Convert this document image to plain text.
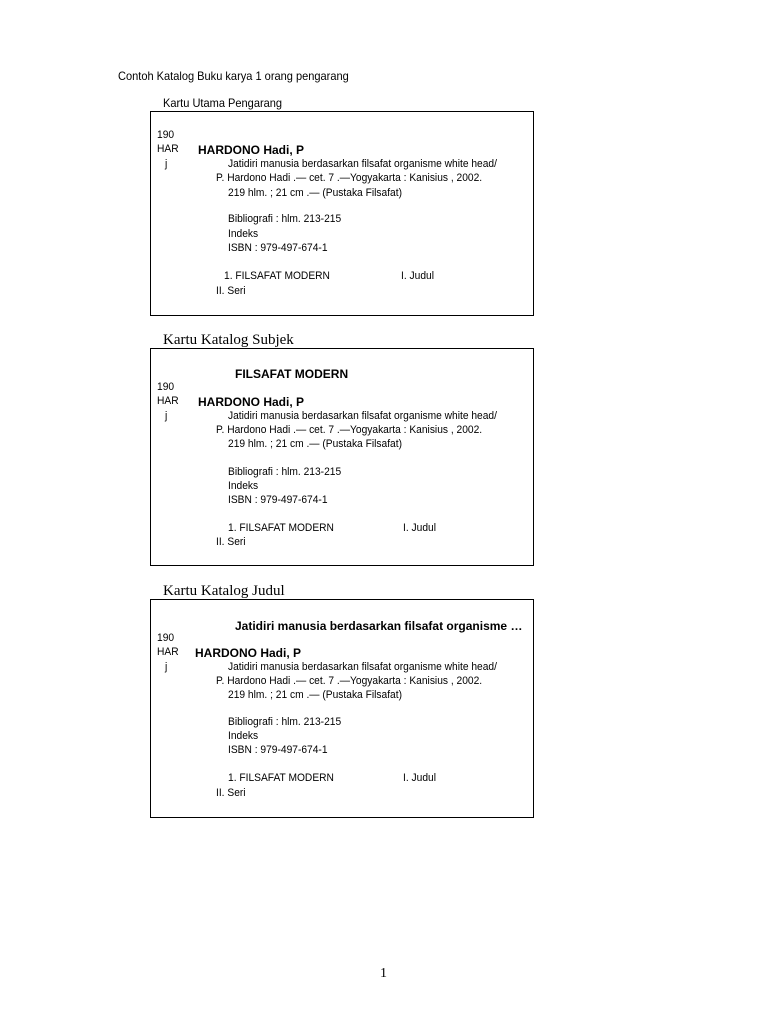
Contoh Katalog Buku karya 1 orang pengarang
Kartu Utama Pengarang
190
HAR
j
HARDONO Hadi, P
Jatidiri manusia berdasarkan filsafat organisme white head/
P. Hardono Hadi .— cet. 7 .—Yogyakarta : Kanisius , 2002.
219 hlm. ; 21 cm .— (Pustaka Filsafat)
Bibliografi : hlm. 213-215
Indeks
ISBN : 979-497-674-1
1. FILSAFAT MODERN	I. Judul
II. Seri
Kartu Katalog Subjek
FILSAFAT MODERN
190
HAR
j
HARDONO Hadi, P
Jatidiri manusia berdasarkan filsafat organisme white head/
P. Hardono Hadi .— cet. 7 .—Yogyakarta : Kanisius , 2002.
219 hlm. ; 21 cm .— (Pustaka Filsafat)
Bibliografi : hlm. 213-215
Indeks
ISBN : 979-497-674-1
1. FILSAFAT MODERN	I. Judul
II. Seri
Kartu Katalog Judul
Jatidiri manusia berdasarkan filsafat organisme …
190
HAR
j
HARDONO Hadi, P
Jatidiri manusia berdasarkan filsafat organisme white head/
P. Hardono Hadi .— cet. 7 .—Yogyakarta : Kanisius , 2002.
219 hlm. ; 21 cm .— (Pustaka Filsafat)
Bibliografi : hlm. 213-215
Indeks
ISBN : 979-497-674-1
1. FILSAFAT MODERN	I. Judul
II. Seri
1
